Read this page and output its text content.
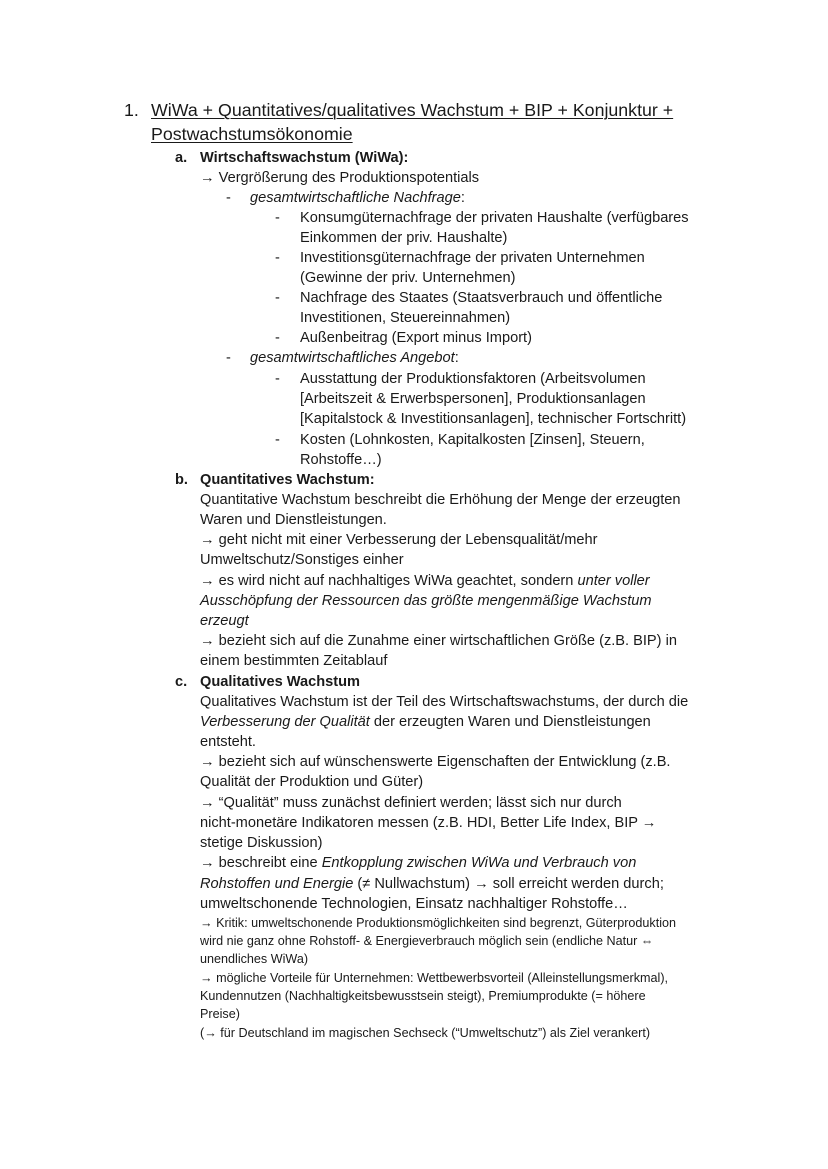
1. WiWa + Quantitatives/qualitatives Wachstum + BIP + Konjunktur +
Postwachstumsökonomie
a. Wirtschaftswachstum (WiWa):
→ Vergrößerung des Produktionspotentials
- gesamtwirtschaftliche Nachfrage:
- Konsumgüternachfrage der privaten Haushalte (verfügbares
Einkommen der priv. Haushalte)
- Investitionsgüternachfrage der privaten Unternehmen
(Gewinne der priv. Unternehmen)
- Nachfrage des Staates (Staatsverbrauch und öffentliche
Investitionen, Steuereinnahmen)
- Außenbeitrag (Export minus Import)
- gesamtwirtschaftliches Angebot:
- Ausstattung der Produktionsfaktoren (Arbeitsvolumen
[Arbeitszeit & Erwerbspersonen], Produktionsanlagen
[Kapitalstock & Investitionsanlagen], technischer Fortschritt)
- Kosten (Lohnkosten, Kapitalkosten [Zinsen], Steuern,
Rohstoffe…)
b. Quantitatives Wachstum:
Quantitative Wachstum beschreibt die Erhöhung der Menge der erzeugten
Waren und Dienstleistungen.
→ geht nicht mit einer Verbesserung der Lebensqualität/mehr
Umweltschutz/Sonstiges einher
→ es wird nicht auf nachhaltiges WiWa geachtet, sondern unter voller
Ausschöpfung der Ressourcen das größte mengenmäßige Wachstum
erzeugt
→ bezieht sich auf die Zunahme einer wirtschaftlichen Größe (z.B. BIP) in
einem bestimmten Zeitablauf
c. Qualitatives Wachstum
Qualitatives Wachstum ist der Teil des Wirtschaftswachstums, der durch die
Verbesserung der Qualität der erzeugten Waren und Dienstleistungen
entsteht.
→ bezieht sich auf wünschenswerte Eigenschaften der Entwicklung (z.B.
Qualität der Produktion und Güter)
→ “Qualität” muss zunächst definiert werden; lässt sich nur durch
nicht-monetäre Indikatoren messen (z.B. HDI, Better Life Index, BIP →
stetige Diskussion)
→ beschreibt eine Entkopplung zwischen WiWa und Verbrauch von
Rohstoffen und Energie (≠ Nullwachstum) → soll erreicht werden durch;
umweltschonende Technologien, Einsatz nachhaltiger Rohstoffe…
→ Kritik: umweltschonende Produktionsmöglichkeiten sind begrenzt, Güterproduktion
wird nie ganz ohne Rohstoff- & Energieverbrauch möglich sein (endliche Natur ⇔
unendliches WiWa)
→ mögliche Vorteile für Unternehmen: Wettbewerbsvorteil (Alleinstellungsmerkmal),
Kundennutzen (Nachhaltigkeitsbewusstsein steigt), Premiumprodukte (= höhere
Preise)
(→ für Deutschland im magischen Sechseck (“Umweltschutz”) als Ziel verankert)
